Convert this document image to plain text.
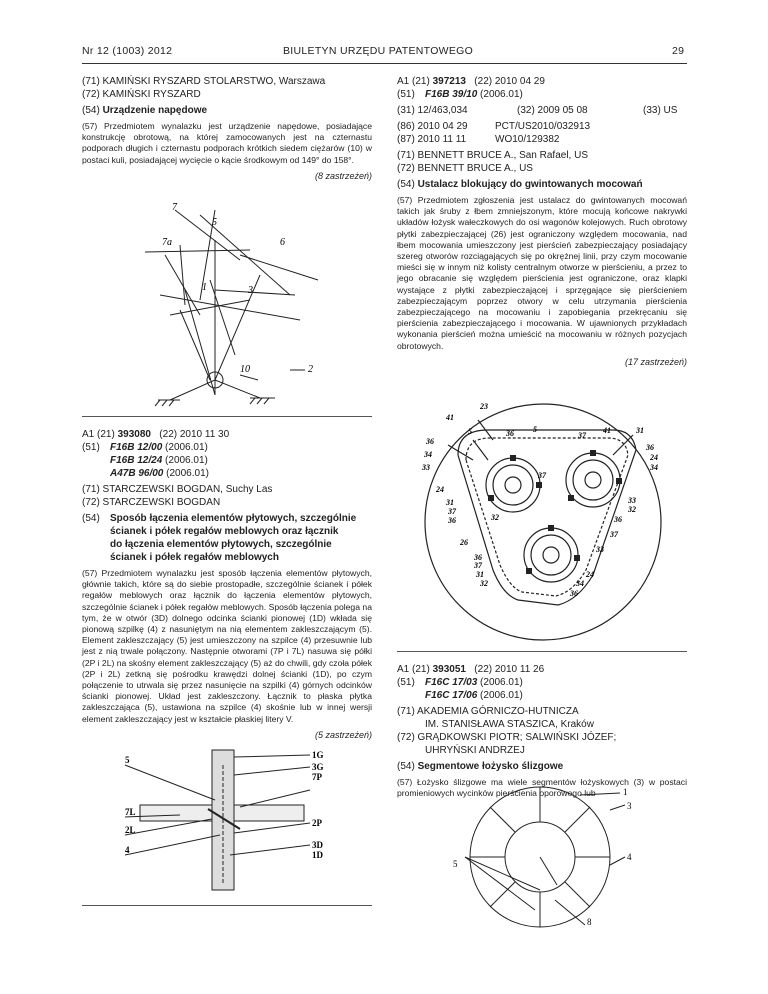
Nr 12 (1003) 2012	BIULETYN URZĘDU PATENTOWEGO	29
(71) KAMIŃSKI RYSZARD STOLARSTWO, Warszawa
(72) KAMIŃSKI RYSZARD
(54) Urządzenie napędowe
(57) Przedmiotem wynalazku jest urządzenie napędowe, posiadające konstrukcję obrotową, na której zamocowanych jest na czternastu podporach długich i czternastu podporach krótkich siedem ciężarów (10) w postaci kuli, posiadającej wycięcie o kącie środkowym od 149° do 158°.
(8 zastrzeżeń)
7
5
7a	6
1	3
10	2
A1 (21) 393080 (22) 2010 11 30
(51) F16B 12/00 (2006.01)
F16B 12/24 (2006.01)
A47B 96/00 (2006.01)
(71) STARCZEWSKI BOGDAN, Suchy Las
(72) STARCZEWSKI BOGDAN
(54) Sposób łączenia elementów płytowych, szczególnie
ścianek i półek regałów meblowych oraz łącznik
do łączenia elementów płytowych, szczególnie
ścianek i półek regałów meblowych
(57) Przedmiotem wynalazku jest sposób łączenia elementów płytowych, głównie takich, które są do siebie prostopadłe, szczególnie ścianek i półek regałów meblowych oraz łącznik do łączenia elementów płytowych, szczególnie ścianek i półek regałów meblowych. Sposób łączenia polega na tym, że w otwór (3D) dolnego odcinka ścianki pionowej (1D) wkłada się pionową szpilkę (4) z nasuniętym na nią elementem zakleszczającym (5). Element zakleszczający (5) jest umieszczony na szpilce (4) przesuwnie lub jest z nią trwale połączony. Następnie otworami (7P i 7L) nasuwa się półki (2P i 2L) na skośny element zakleszczający (5) aż do chwili, gdy czoła półek (2P i 2L) zetkną się pośrodku krawędzi dolnej ścianki (1D), po czym połączenie to utrwala się przez nasunięcie na szpilki (4) górnych odcinków ścianki pionowej. Układ jest zakleszczony. Łącznik to płaska płytka zakleszczająca (5), ustawiona na szpilce (4) skośnie lub w innej wersji element zakleszczający jest w kształcie płaskiej litery V.
(5 zastrzeżeń)
5	1G
3G
7P
7L
2L
2P
4	3D
1D
A1 (21) 397213 (22) 2010 04 29
(51) F16B 39/10 (2006.01)
(31) 12/463,034	(32) 2009 05 08	(33) US
(86) 2010 04 29	PCT/US2010/032913
(87) 2010 11 11	WO10/129382
(71) BENNETT BRUCE A., San Rafael, US
(72) BENNETT BRUCE A., US
(54) Ustalacz blokujący do gwintowanych mocowań
(57) Przedmiotem zgłoszenia jest ustalacz do gwintowanych mocowań takich jak śruby z łbem zmniejszonym, które mocują końcowe nakrywki układów łożysk wałeczkowych do osi wagonów kolejowych. Ruch obrotowy płytki zabezpieczającej (26) jest ograniczony względem mocowania, nad łbem mocowania umieszczony jest pierścień zabezpieczający posiadający szereg otworów rozciągających się po okrężnej linii, przy czym mocowanie mieści się w innym niż kolisty centralnym otworze w pierścieniu, a przez to jego obracanie się względem pierścienia jest ograniczone, oraz klapki wystające z płytki zabezpieczającej i sprzęgające się pierścieniem zabezpieczającym poprzez otwory w celu utrzymania pierścienia zabezpieczającego na mocowaniu i zapobiegania przekręcaniu się pierścienia zabezpieczającego i mocowania. W ujawnionych przykładach wykonania pierścień można umieścić na mocowaniu w różnych pozycjach obrotowych.
(17 zastrzeżeń)
23
41
5	36 5
37
41	31
36
36
34	24
33	34
37
24
31	33
37	32
36	32	36
26
37
33
36
37
31	24
32	34
36
A1 (21) 393051 (22) 2010 11 26
(51) F16C 17/03 (2006.01)
F16C 17/06 (2006.01)
(71) AKADEMIA GÓRNICZO-HUTNICZA
IM. STANISŁAWA STASZICA, Kraków
(72) GRĄDKOWSKI PIOTR; SALWIŃSKI JÓZEF;
UHRYŃSKI ANDRZEJ
(54) Segmentowe łożysko ślizgowe
(57) Łożysko ślizgowe ma wiele segmentów łożyskowych (3) w postaci promieniowych wycinków pierścienia oporowego lub	1
3
5
4
8
